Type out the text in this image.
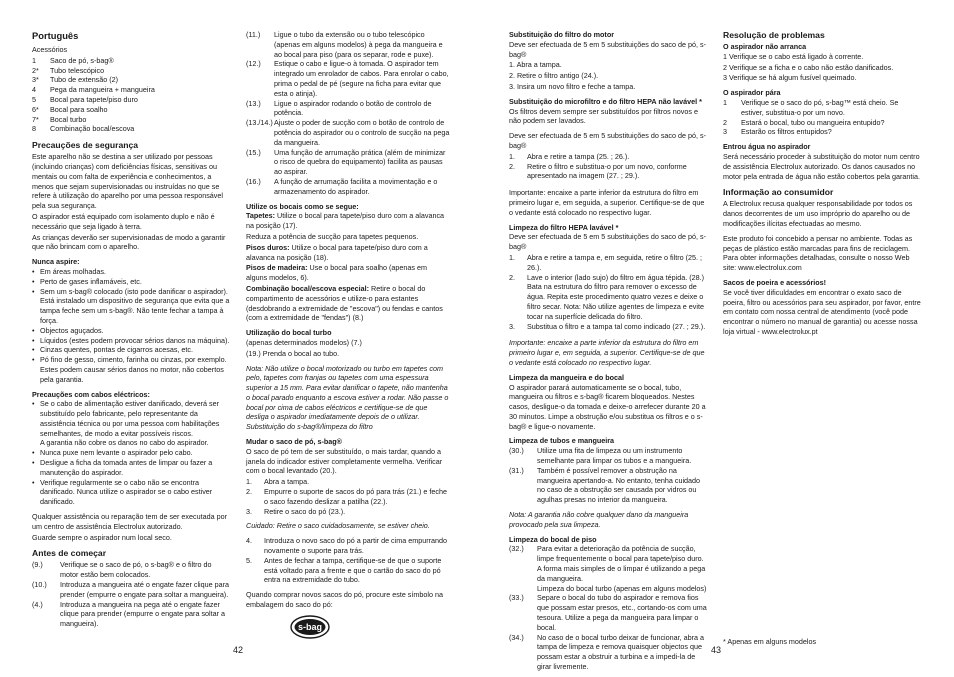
Português

Acessórios

1	Saco de pó, s-bag®
2*	Tubo telescópico
3*	Tubo de extensão (2)
4	Pega da mangueira + mangueira
5	Bocal para tapete/piso duro
6*	Bocal para soalho
7*	Bocal turbo
8	Combinação bocal/escova
Precauções de segurança

Este aparelho não se destina a ser utilizado por pessoas (incluindo crianças) com deficiências físicas, sensitivas ou mentais ou com falta de experiência e conhecimentos, a menos que sejam supervisionadas ou instruídas no que se refere à utilização do aparelho por uma pessoa responsável pela sua segurança.

O aspirador está equipado com isolamento duplo e não é necessário que seja ligado à terra.

As crianças deverão ser supervisionadas de modo a garantir que não brincam com o aparelho.

Nunca aspire:
• Em áreas molhadas.
• Perto de gases inflamáveis, etc.
• Sem um s-bag® colocado (isto pode danificar o aspirador). Está instalado um dispositivo de segurança que evita que a tampa feche sem um s-bag®. Não tente fechar a tampa à força.
• Objectos aguçados.
• Líquidos (estes podem provocar sérios danos na máquina).
• Cinzas quentes, pontas de cigarros acesas, etc.
• Pó fino de gesso, cimento, farinha ou cinzas, por exemplo.
Estes podem causar sérios danos no motor, não cobertos pela garantia.
Precauções com cabos eléctricos:
• Se o cabo de alimentação estiver danificado, deverá ser substituído pelo fabricante, pelo representante da assistência técnica ou por uma pessoa com habilitações semelhantes, de modo a evitar possíveis riscos.
A garantia não cobre os danos no cabo do aspirador.
• Nunca puxe nem levante o aspirador pelo cabo.
• Desligue a ficha da tomada antes de limpar ou fazer a manutenção do aspirador.
• Verifique regularmente se o cabo não se encontra danificado. Nunca utilize o aspirador se o cabo estiver danificado.

Qualquer assistência ou reparação tem de ser executada por um centro de assistência Electrolux autorizado.

Guarde sempre o aspirador num local seco.

Antes de começar
(9.)	Verifique se o saco de pó, o s-bag® e o filtro do motor estão bem colocados.
(10.)	Introduza a mangueira até o engate fazer clique para prender (empurre o engate para soltar a mangueira).
(4.)	Introduza a mangueira na pega até o engate fazer clique para prender (empurre o engate para soltar a mangueira).
(11.)	Ligue o tubo da extensão ou o tubo telescópico (apenas em alguns modelos) à pega da mangueira e ao bocal para piso (para os separar, rode e puxe).
(12.)	Estique o cabo e ligue-o à tomada. O aspirador tem integrado um enrolador de cabos. Para enrolar o cabo, prima o pedal de pé (segure na ficha para evitar que esta o atinja).
(13.)	Ligue o aspirador rodando o botão de controlo de potência.
(13./14.) Ajuste o poder de sucção com o botão de controlo de potência do aspirador ou o controlo de sucção na pega da mangueira.
(15.)	Uma função de arrumação prática (além de minimizar o risco de quebra do equipamento) facilita as pausas ao aspirar.
(16.)	A função de arrumação facilita a movimentação e o armazenamento do aspirador.
Utilize os bocais como se segue:

Tapetes: Utilize o bocal para tapete/piso duro com a alavanca na posição (17).

Reduza a potência de sucção para tapetes pequenos.

Pisos duros: Utilize o bocal para tapete/piso duro com a alavanca na posição (18).

Pisos de madeira: Use o bocal para soalho (apenas em alguns modelos, 6).

Combinação bocal/escova especial: Retire o bocal do compartimento de acessórios e utilize-o para estantes (desdobrando a extremidade de "escova") ou fendas e cantos (com a extremidade de "fendas") (8.)

Utilização do bocal turbo

(apenas determinados modelos) (7.)

(19.) Prenda o bocal ao tubo.

Nota: Não utilize o bocal motorizado ou turbo em tapetes com pelo, tapetes com franjas ou tapetes com uma espessura superior a 15 mm. Para evitar danificar o tapete, não mantenha o bocal parado enquanto a escova estiver a rodar. Não passe o bocal por cima de cabos eléctricos e certifique-se de que desliga o aspirador imediatamente depois de o utilizar. Substituição do s-bag®/limpeza do filtro

Mudar o saco de pó, s-bag®

O saco de pó tem de ser substituído, o mais tardar, quando a janela do indicador estiver completamente vermelha. Verificar com o bocal levantado (20.).

1.	Abra a tampa.
2.	Empurre o suporte de sacos do pó para trás (21.) e feche o saco fazendo deslizar a patilha (22.).
3.	Retire o saco do pó (23.).

Cuidado: Retire o saco cuidadosamente, se estiver cheio.

4.	Introduza o novo saco do pó a partir de cima empurrando novamente o suporte para trás.
5.	Antes de fechar a tampa, certifique-se de que o suporte está voltado para a frente e que o cartão do saco do pó entra na extremidade do tubo.

Quando comprar novos sacos do pó, procure este símbolo na embalagem do saco do pó:

s-bag
Substituição do filtro do motor

Deve ser efectuada de 5 em 5 substituições do saco de pó, s-bag®

1. Abra a tampa.

2. Retire o filtro antigo (24.).

3. Insira um novo filtro e feche a tampa.

Substituição do microfiltro e do filtro HEPA não lavável *

Os filtros devem sempre ser substituídos por filtros novos e não podem ser lavados.

Deve ser efectuada de 5 em 5 substituições do saco de pó, s-bag®

1.	Abra e retire a tampa (25. ; 26.).
2.	Retire o filtro e substitua-o por um novo, conforme apresentado na imagem (27. ; 29.).

Importante: encaixe a parte inferior da estrutura do filtro em primeiro lugar e, em seguida, a superior. Certifique-se de que o vedante está colocado no respectivo lugar.

Limpeza do filtro HEPA lavável *

Deve ser efectuada de 5 em 5 substituições do saco de pó, s-bag®

1.	Abra e retire a tampa e, em seguida, retire o filtro (25. ; 26.).
2.	Lave o interior (lado sujo) do filtro em água tépida. (28.) Bata na estrutura do filtro para remover o excesso de água. Repita este procedimento quatro vezes e deixe o filtro secar. Nota: Não utilize agentes de limpeza e evite tocar na superfície delicada do filtro.
3.	Substitua o filtro e a tampa tal como indicado (27. ; 29.).

Importante: encaixe a parte inferior da estrutura do filtro em primeiro lugar e, em seguida, a superior. Certifique-se de que o vedante está colocado no respectivo lugar.

Limpeza da mangueira e do bocal

O aspirador parará automaticamente se o bocal, tubo, mangueira ou filtros e s-bag® ficarem bloqueados. Nestes casos, desligue-o da tomada e deixe-o arrefecer durante 20 a 30 minutos. Limpe a obstrução e/ou substitua os filtros e o s-bag® e ligue-o novamente.

Limpeza de tubos e mangueira
(30.)	Utilize uma fita de limpeza ou um instrumento semelhante para limpar os tubos e a mangueira.
(31.)	Também é possível remover a obstrução na mangueira apertando-a. No entanto, tenha cuidado no caso de a obstrução ser causada por vidros ou agulhas presas no interior da mangueira.

Nota: A garantia não cobre qualquer dano da mangueira provocado pela sua limpeza.

Limpeza do bocal de piso
(32.)	Para evitar a deterioração da potência de sucção, limpe frequentemente o bocal para tapete/piso duro. A forma mais simples de o limpar é utilizando a pega da mangueira.
Limpeza do bocal turbo (apenas em alguns modelos)
(33.)	Separe o bocal do tubo do aspirador e remova fios que possam estar presos, etc., cortando-os com uma tesoura. Utilize a pega da mangueira para limpar o bocal.
(34.)	No caso de o bocal turbo deixar de funcionar, abra a tampa de limpeza e remova quaisquer objectos que possam estar a obstruir a turbina e a impedi-la de girar livremente.
Resolução de problemas
O aspirador não arranca

1 Verifique se o cabo está ligado à corrente.

2 Verifique se a ficha e o cabo não estão danificados.

3 Verifique se há algum fusível queimado.

O aspirador pára
1	Verifique se o saco do pó, s-bag™ está cheio. Se estiver, substitua-o por um novo.
2	Estará o bocal, tubo ou mangueira entupido?
3	Estarão os filtros entupidos?
Entrou água no aspirador

Será necessário proceder à substituição do motor num centro de assistência Electrolux autorizado. Os danos causados no motor pela entrada de água não estão cobertos pela garantia.

Informação ao consumidor

A Electrolux recusa qualquer responsabilidade por todos os danos decorrentes de um uso impróprio do aparelho ou de modificações ilícitas efectuadas ao mesmo.

Este produto foi concebido a pensar no ambiente. Todas as peças de plástico estão marcadas para fins de reciclagem. Para obter informações detalhadas, consulte o nosso Web site: www.electrolux.com

Sacos de poeira e acessórios!

Se você tiver dificuldades em encontrar o exato saco de poeira, filtro ou acessórios para seu aspirador, por favor, entre em contato com nossa central de atendimento (você pode encontrar o número no manual de garantia) ou acesse nossa loja virtual - www.electrolux.pt

* Apenas em alguns modelos
42	43
